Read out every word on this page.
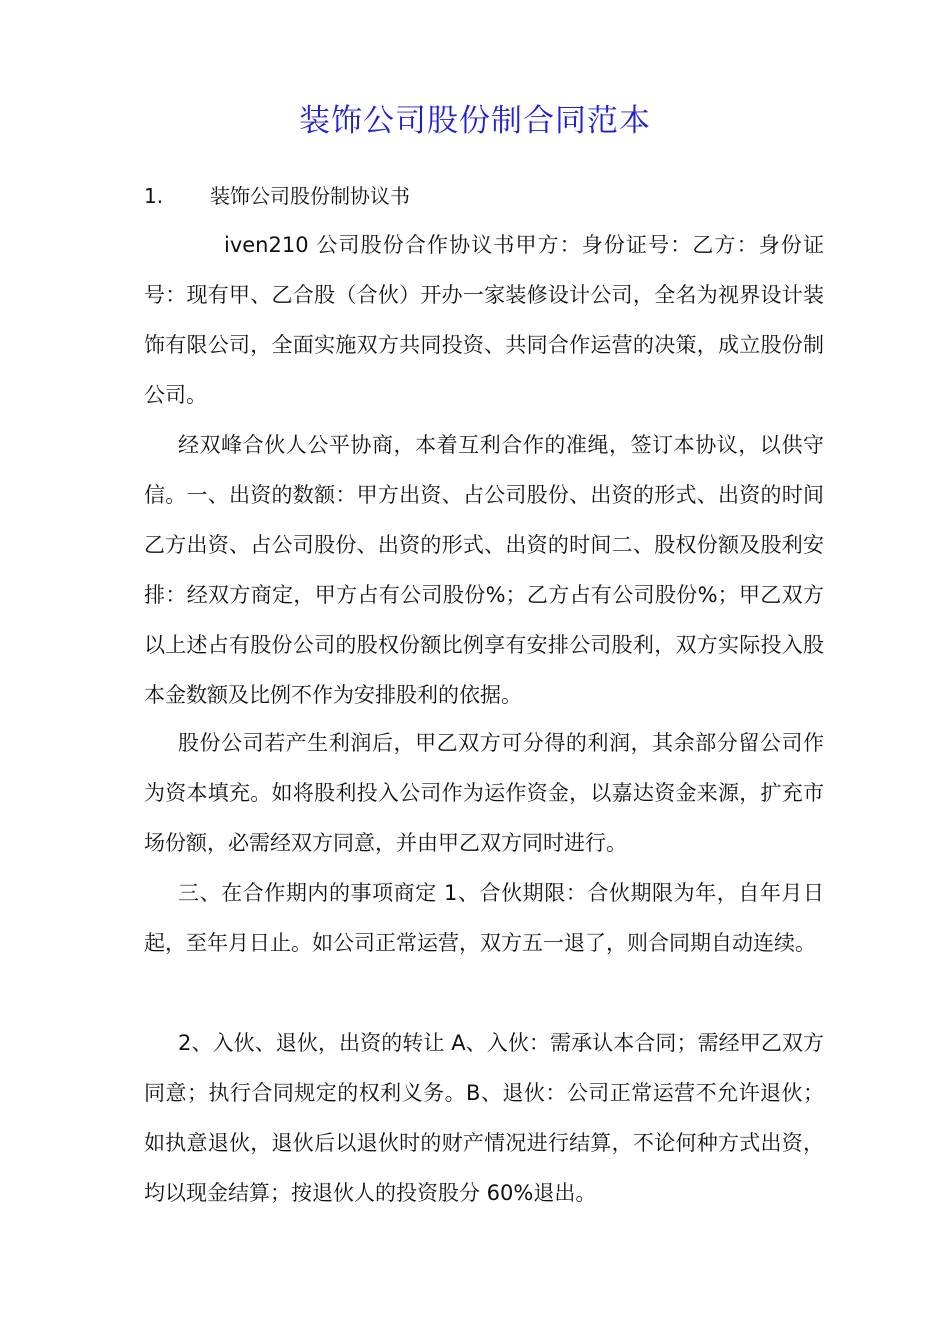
装饰公司股份制合同范本
1. 装饰公司股份制协议书
iven210 公司股份合作协议书甲方：身份证号：乙方：身份证号：现有甲、乙合股（合伙）开办一家装修设计公司，全名为视界设计装饰有限公司，全面实施双方共同投资、共同合作运营的决策，成立股份制公司。
经双峰合伙人公平协商，本着互利合作的准绳，签订本协议，以供守信。一、出资的数额：甲方出资、占公司股份、出资的形式、出资的时间乙方出资、占公司股份、出资的形式、出资的时间二、股权份额及股利安排：经双方商定，甲方占有公司股份%；乙方占有公司股份%；甲乙双方以上述占有股份公司的股权份额比例享有安排公司股利，双方实际投入股本金数额及比例不作为安排股利的依据。
股份公司若产生利润后，甲乙双方可分得的利润，其余部分留公司作为资本填充。如将股利投入公司作为运作资金，以嘉达资金来源，扩充市场份额，必需经双方同意，并由甲乙双方同时进行。
三、在合作期内的事项商定 1、合伙期限：合伙期限为年，自年月日起，至年月日止。如公司正常运营，双方五一退了，则合同期自动连续。
2、入伙、退伙，出资的转让 A、入伙：需承认本合同；需经甲乙双方同意；执行合同规定的权利义务。B、退伙：公司正常运营不允许退伙；如执意退伙，退伙后以退伙时的财产情况进行结算，不论何种方式出资，均以现金结算；按退伙人的投资股分 60%退出。
